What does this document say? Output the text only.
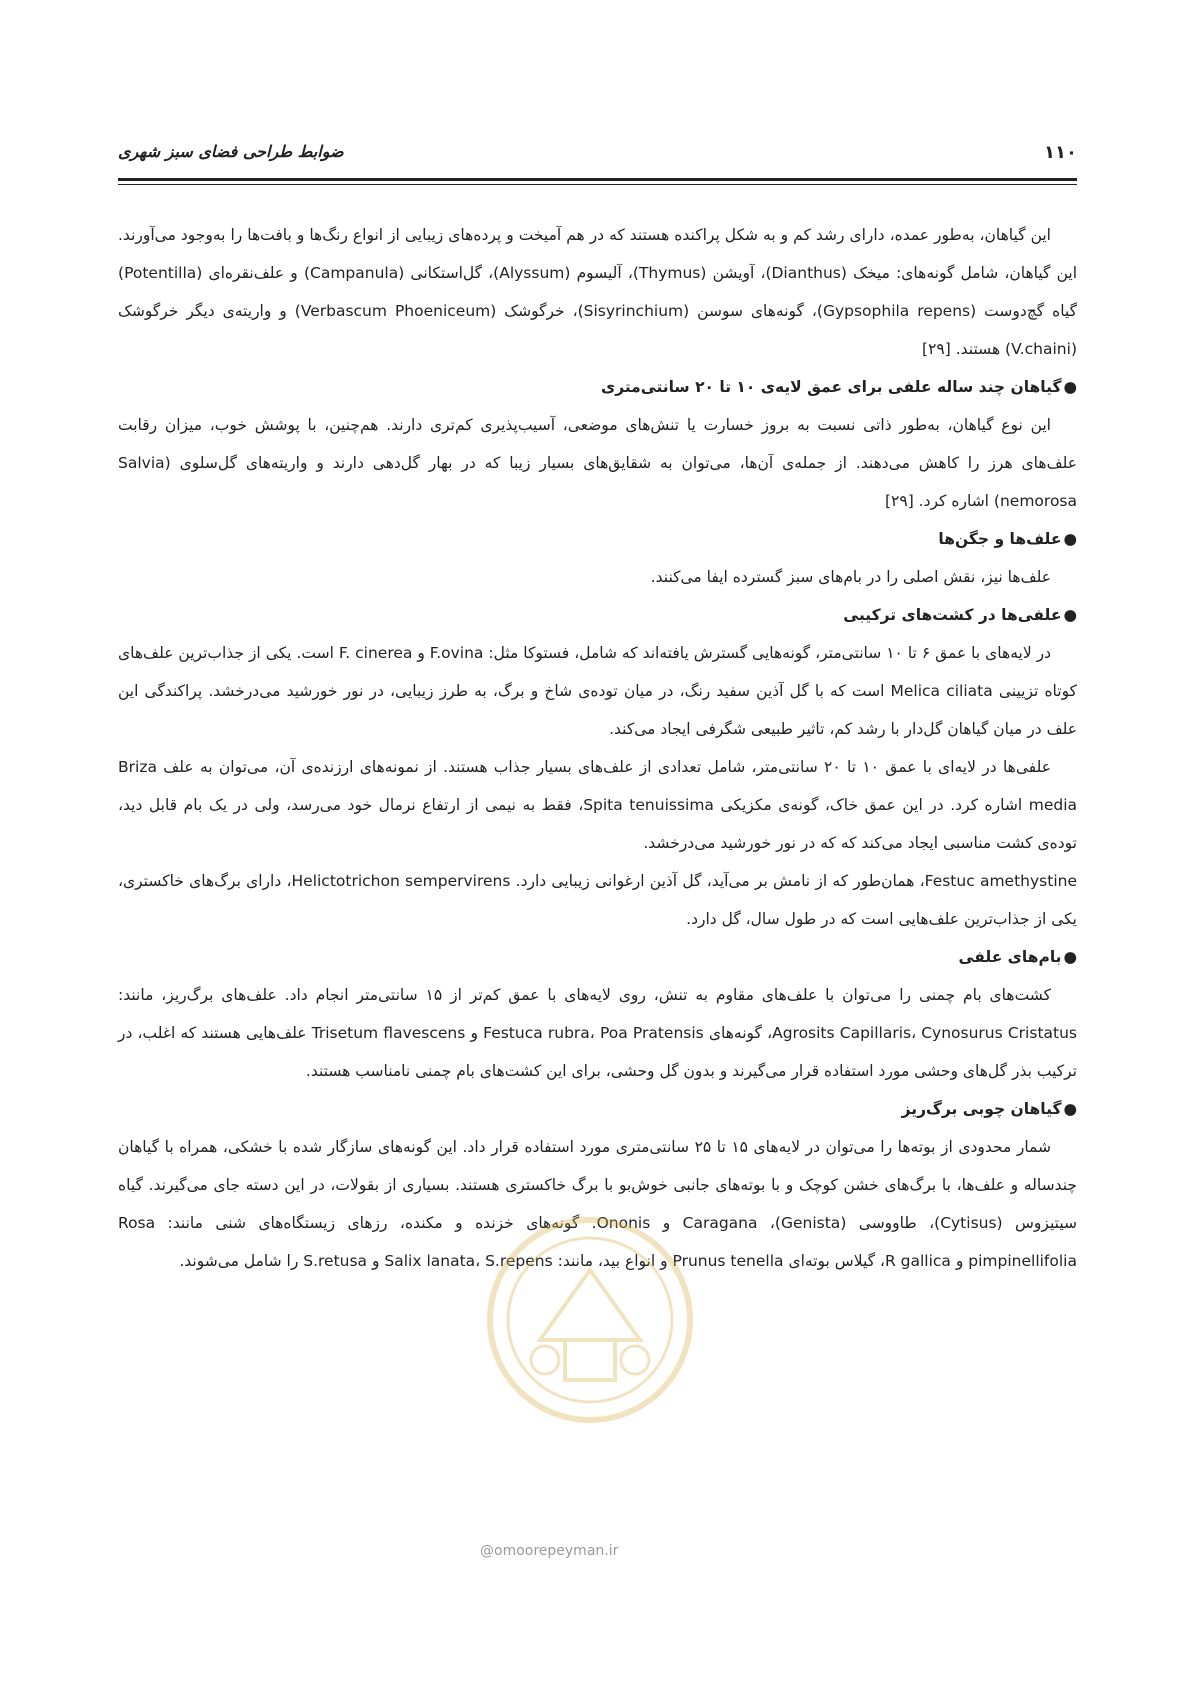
ضوابط طراحی فضای سبز شهری	۱۱۰

این گیاهان، به‌طور عمده، دارای رشد کم و به شکل پراکنده هستند که در هم آمیخت و پرده‌های زیبایی از انواع رنگ‌ها و بافت‌ها را به‌وجود می‌آورند. این گیاهان، شامل گونه‌های: میخک (Dianthus)، آویشن (Thymus)، آلیسوم (Alyssum)، گل‌استکانی (Campanula) و علف‌نقره‌ای (Potentilla) گیاه گچ‌دوست (Gypsophila repens)، گونه‌های سوسن (Sisyrinchium)، خرگوشک (Verbascum Phoeniceum) و واریته‌ی دیگر خرگوشک (V.chaini) هستند. [۲۹]

●گیاهان چند ساله علفی برای عمق لایه‌ی ۱۰ تا ۲۰ سانتی‌متری

این نوع گیاهان، به‌طور ذاتی نسبت به بروز خسارت یا تنش‌های موضعی، آسیب‌پذیری کم‌تری دارند. هم‌چنین، با پوشش خوب، میزان رقابت علف‌های هرز را کاهش می‌دهند. از جمله‌ی آن‌ها، می‌توان به شقایق‌های بسیار زیبا که در بهار گل‌دهی دارند و واریته‌های گل‌سلوی (Salvia nemorosa) اشاره کرد. [۲۹]

●علف‌ها و جگن‌ها

علف‌ها نیز، نقش اصلی را در بام‌های سبز گسترده ایفا می‌کنند.

●علفی‌ها در کشت‌های ترکیبی

در لایه‌های با عمق ۶ تا ۱۰ سانتی‌متر، گونه‌هایی گسترش یافته‌اند که شامل، فستوکا مثل: F.ovina و F. cinerea است. یکی از جذاب‌ترین علف‌های کوتاه تزیینی Melica ciliata است که با گل آذین سفید رنگ، در میان توده‌ی شاخ و برگ، به طرز زیبایی، در نور خورشید می‌درخشد. پراکندگی این علف در میان گیاهان گل‌دار با رشد کم، تاثیر طبیعی شگرفی ایجاد می‌کند.

علفی‌ها در لایه‌ای با عمق ۱۰ تا ۲۰ سانتی‌متر، شامل تعدادی از علف‌های بسیار جذاب هستند. از نمونه‌های ارزنده‌ی آن، می‌توان به علف Briza media اشاره کرد. در این عمق خاک، گونه‌ی مکزیکی Spita tenuissima، فقط به نیمی از ارتفاع نرمال خود می‌رسد، ولی در یک بام قابل دید، توده‌ی کشت مناسبی ایجاد می‌کند که که در نور خورشید می‌درخشد.

Festuc amethystine، همان‌طور که از نامش بر می‌آید، گل آذین ارغوانی زیبایی دارد. Helictotrichon sempervirens، دارای برگ‌های خاکستری، یکی از جذاب‌ترین علف‌هایی است که در طول سال، گل دارد.

●بام‌های علفی

کشت‌های بام چمنی را می‌توان با علف‌های مقاوم به تنش، روی لایه‌های با عمق کم‌تر از ۱۵ سانتی‌متر انجام داد. علف‌های برگ‌ریز، مانند: Agrosits Capillaris، Cynosurus Cristatus، گونه‌های Festuca rubra، Poa Pratensis و Trisetum flavescens علف‌هایی هستند که اغلب، در ترکیب بذر گل‌های وحشی مورد استفاده قرار می‌گیرند و بدون گل وحشی، برای این کشت‌های بام چمنی نامناسب هستند.

●گیاهان چوبی برگ‌ریز

شمار محدودی از بوته‌ها را می‌توان در لایه‌های ۱۵ تا ۲۵ سانتی‌متری مورد استفاده قرار داد. این گونه‌های سازگار شده با خشکی، همراه با گیاهان چندساله و علف‌ها، با برگ‌های خشن کوچک و با بوته‌های جانبی خوش‌بو با برگ خاکستری هستند. بسیاری از بقولات، در این دسته جای می‌گیرند. گیاه سیتیزوس (Cytisus)، طاووسی (Genista)، Caragana و Ononis. گونه‌های خزنده و مکنده، رزهای زیستگاه‌های شنی مانند: Rosa pimpinellifolia و R gallica، گیلاس بوته‌ای Prunus tenella و انواع بید، مانند: Salix lanata، S.repens و S.retusa را شامل می‌شوند.

@omoorepeyman.ir
